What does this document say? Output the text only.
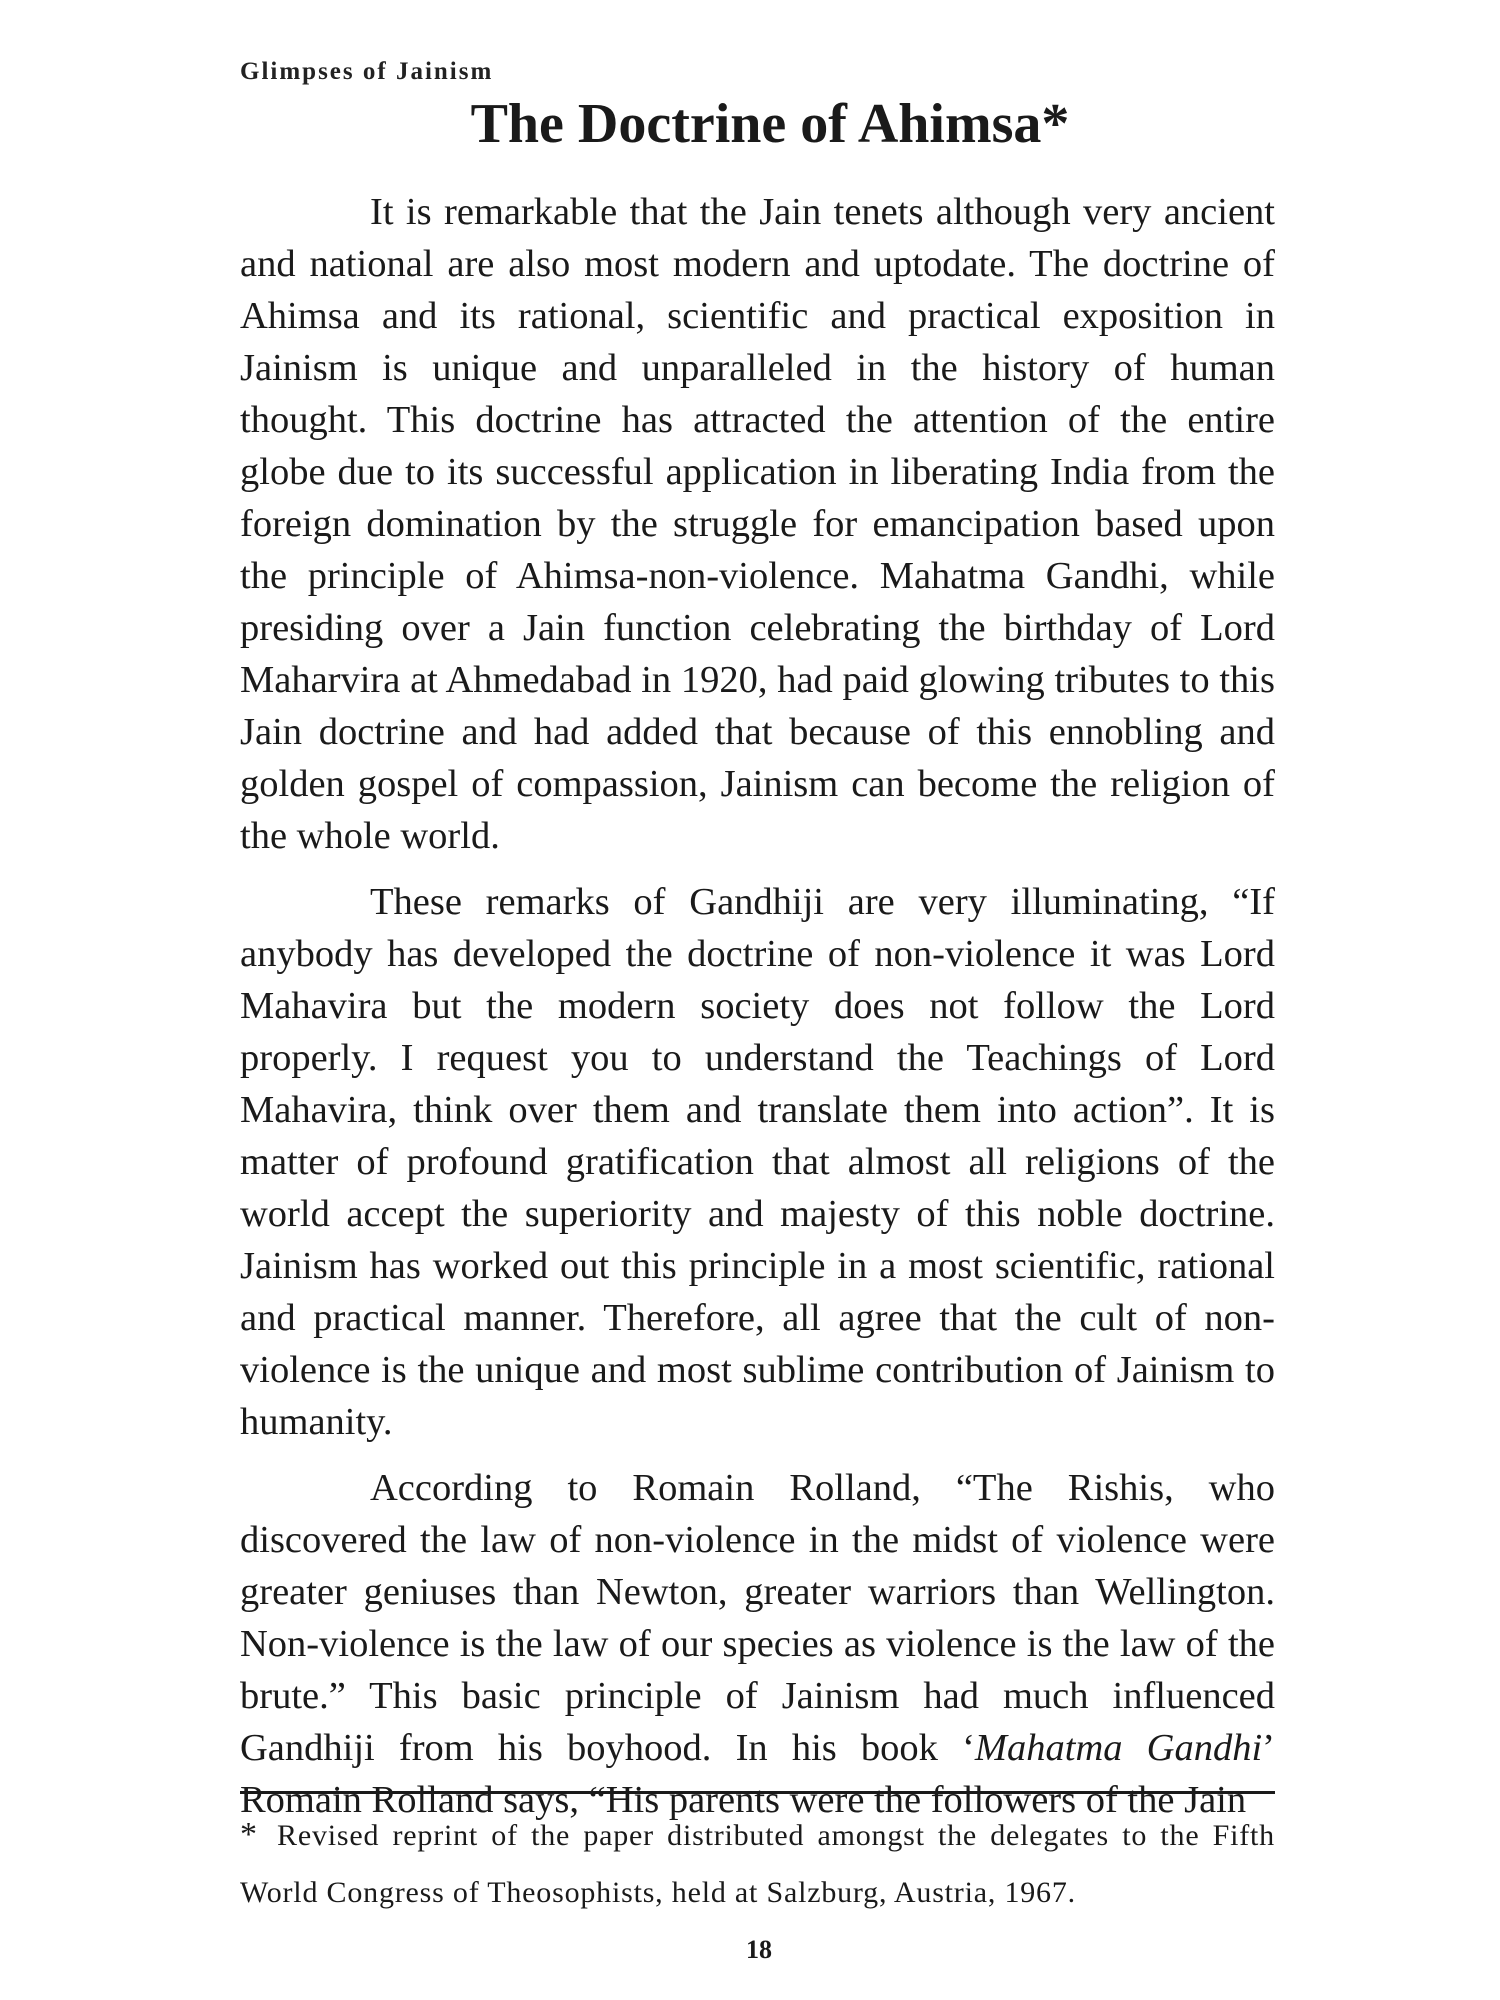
Glimpses of Jainism
The Doctrine of Ahimsa*

It is remarkable that the Jain tenets although very ancient and national are also most modern and uptodate. The doctrine of Ahimsa and its rational, scientific and practical exposition in Jainism is unique and unparalleled in the history of human thought. This doctrine has attracted the attention of the entire globe due to its successful application in liberating India from the foreign domination by the struggle for emancipation based upon the principle of Ahimsa-non-violence. Mahatma Gandhi, while presiding over a Jain function celebrating the birthday of Lord Maharvira at Ahmedabad in 1920, had paid glowing tributes to this Jain doctrine and had added that because of this ennobling and golden gospel of compassion, Jainism can become the religion of the whole world.

These remarks of Gandhiji are very illuminating, “If anybody has developed the doctrine of non-violence it was Lord Mahavira but the modern society does not follow the Lord properly. I request you to understand the Teachings of Lord Mahavira, think over them and translate them into action”. It is matter of profound gratification that almost all religions of the world accept the superiority and majesty of this noble doctrine. Jainism has worked out this principle in a most scientific, rational and practical manner. Therefore, all agree that the cult of non-violence is the unique and most sublime contribution of Jainism to humanity.

According to Romain Rolland, “The Rishis, who discovered the law of non-violence in the midst of violence were greater geniuses than Newton, greater warriors than Wellington. Non-violence is the law of our species as violence is the law of the brute.” This basic principle of Jainism had much influenced Gandhiji from his boyhood. In his book ‘Mahatma Gandhi’ Romain Rolland says, “His parents were the followers of the Jain

* Revised reprint of the paper distributed amongst the delegates to the Fifth World Congress of Theosophists, held at Salzburg, Austria, 1967.
18
